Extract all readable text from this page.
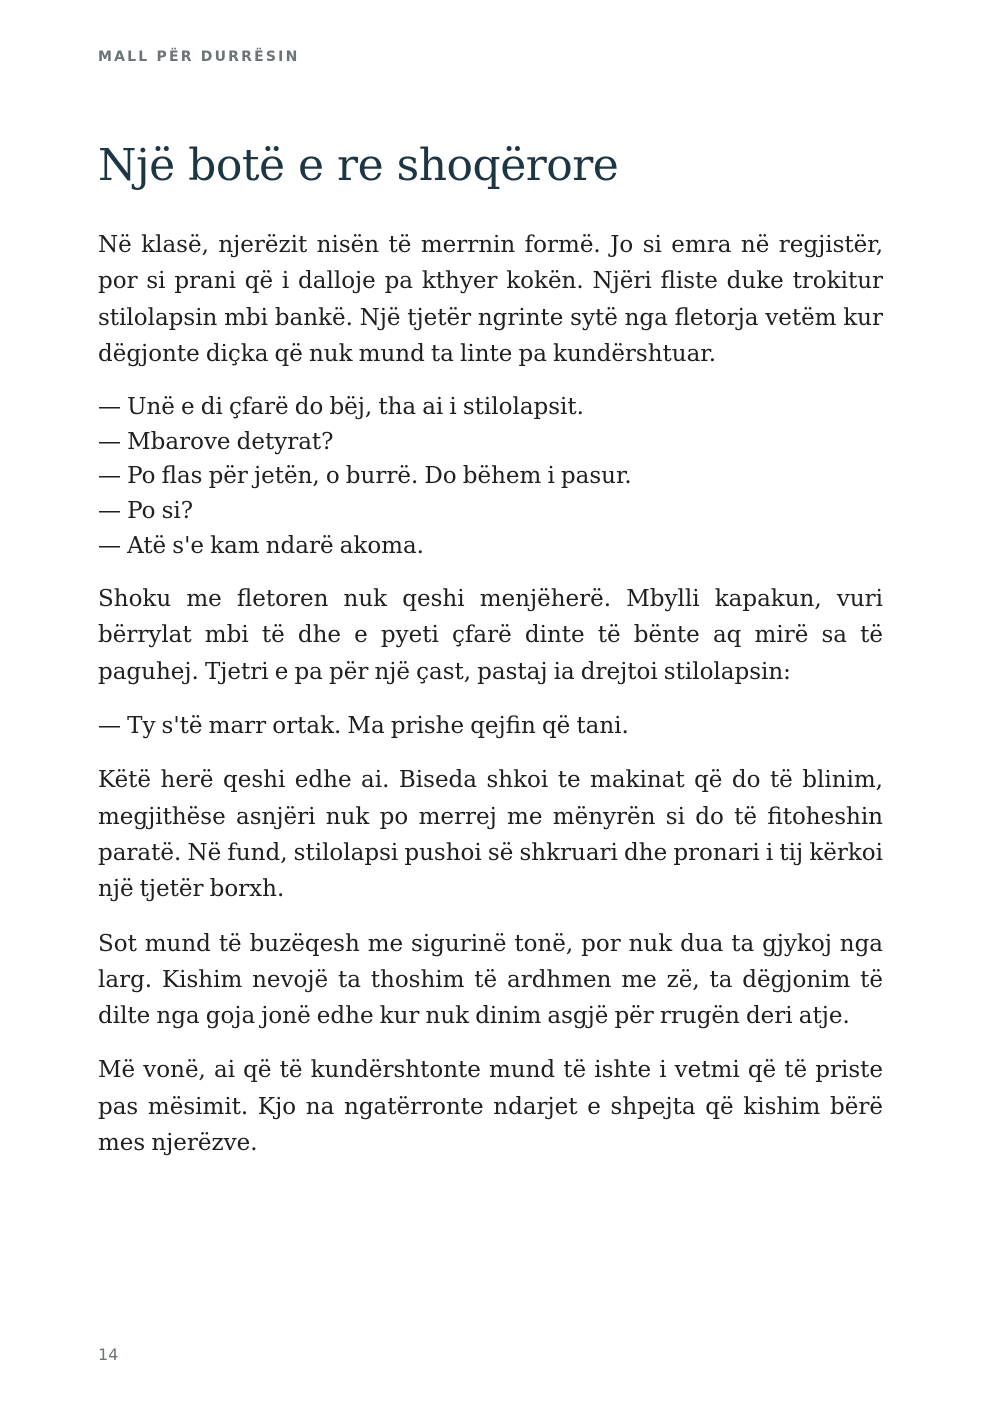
MALL PËR DURRËSIN
Një botë e re shoqërore

Në klasë, njerëzit nisën të merrnin formë. Jo si emra në regjistër, por si prani që i dalloje pa kthyer kokën. Njëri fliste duke trokitur stilolapsin mbi bankë. Një tjetër ngrinte sytë nga fletorja vetëm kur dëgjonte diçka që nuk mund ta linte pa kundërshtuar.

— Unë e di çfarë do bëj, tha ai i stilolapsit.
— Mbarove detyrat?
— Po flas për jetën, o burrë. Do bëhem i pasur.
— Po si?
— Atë s'e kam ndarë akoma.

Shoku me fletoren nuk qeshi menjëherë. Mbylli kapakun, vuri bërrylat mbi të dhe e pyeti çfarë dinte të bënte aq mirë sa të paguhej. Tjetri e pa për një çast, pastaj ia drejtoi stilolapsin:

— Ty s'të marr ortak. Ma prishe qejfin që tani.

Këtë herë qeshi edhe ai. Biseda shkoi te makinat që do të blinim, megjithëse asnjëri nuk po merrej me mënyrën si do të fitoheshin paratë. Në fund, stilolapsi pushoi së shkruari dhe pronari i tij kërkoi një tjetër borxh.

Sot mund të buzëqesh me sigurinë tonë, por nuk dua ta gjykoj nga larg. Kishim nevojë ta thoshim të ardhmen me zë, ta dëgjonim të dilte nga goja jonë edhe kur nuk dinim asgjë për rrugën deri atje.

Më vonë, ai që të kundërshtonte mund të ishte i vetmi që të priste pas mësimit. Kjo na ngatërronte ndarjet e shpejta që kishim bërë mes njerëzve.

14
